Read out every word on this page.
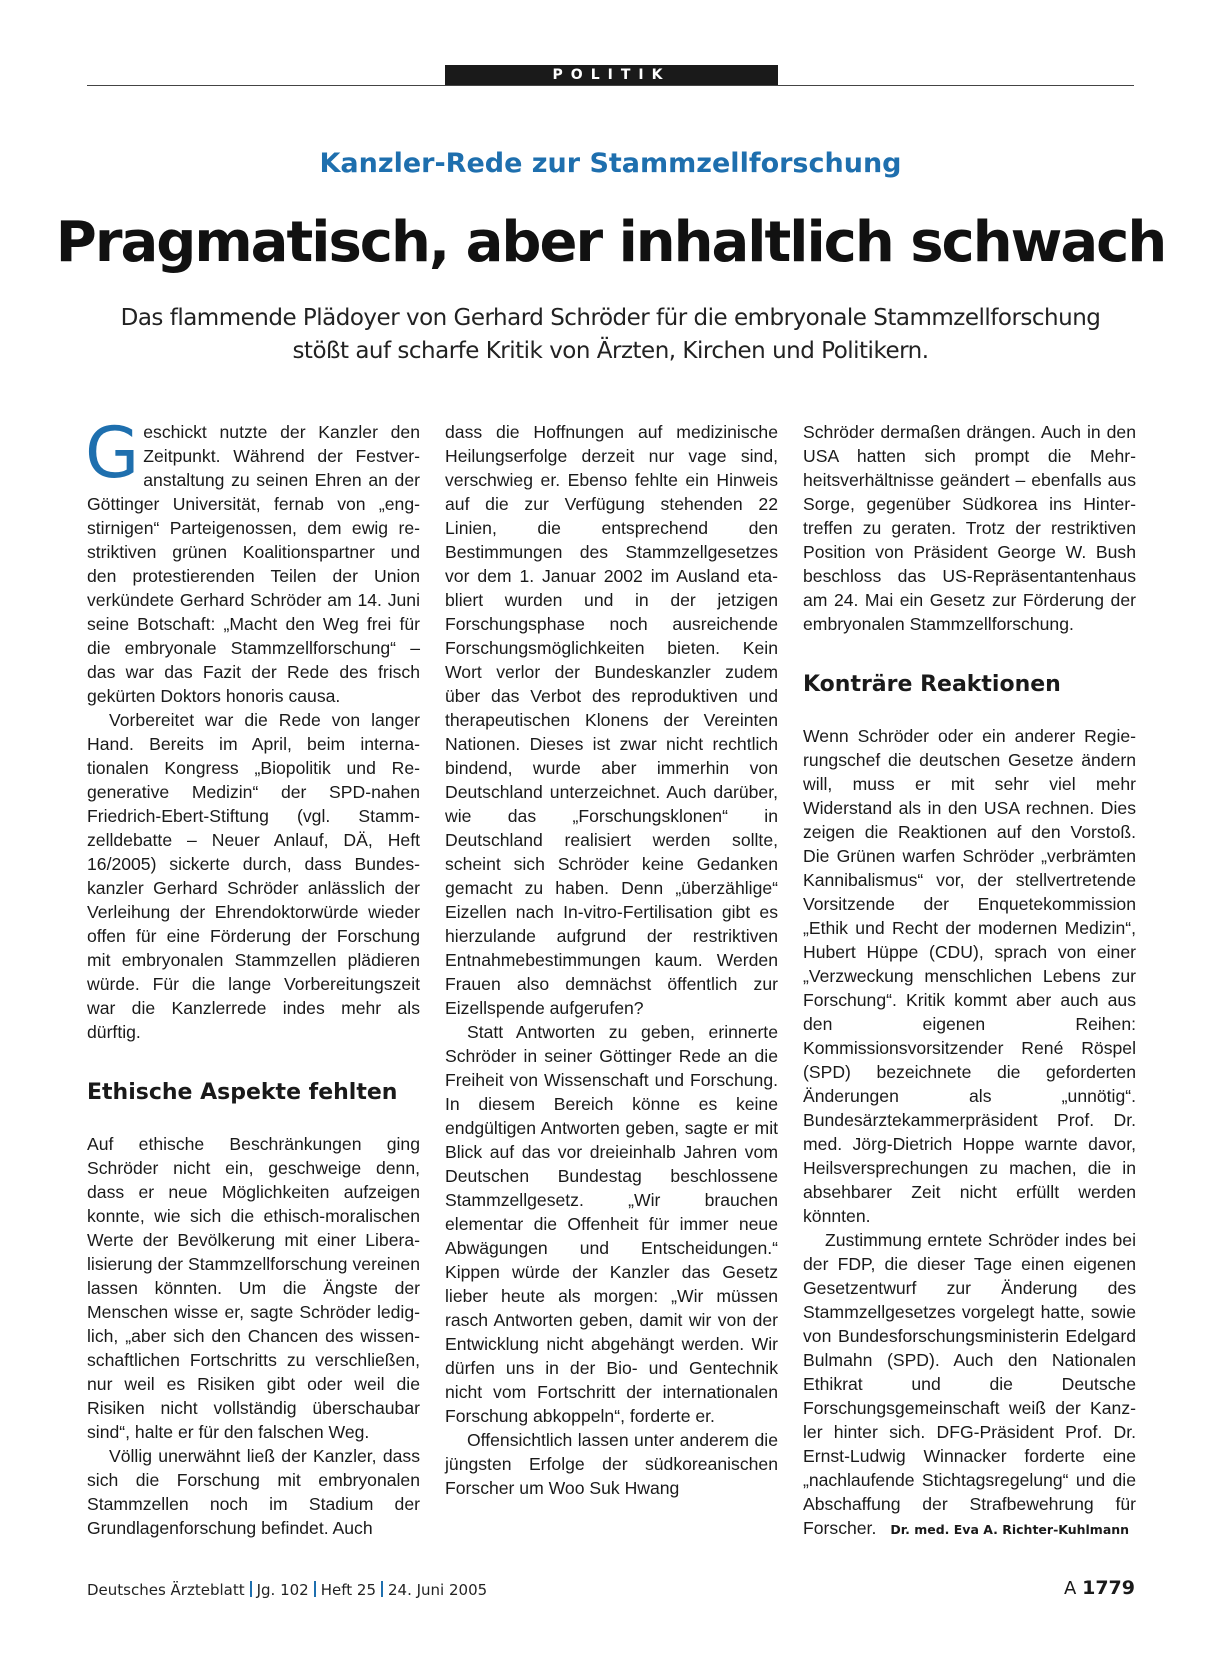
POLITIK
Kanzler-Rede zur Stammzellforschung
Pragmatisch, aber inhaltlich schwach
Das flammende Plädoyer von Gerhard Schröder für die embryonale Stammzellforschung stößt auf scharfe Kritik von Ärzten, Kirchen und Politikern.

Geschickt nutzte der Kanzler den Zeitpunkt. Während der Festveranstaltung zu seinen Ehren an der Göttinger Universität, fernab von „engstirnigen“ Parteigenossen, dem ewig restriktiven grünen Koalitionspartner und den protestierenden Teilen der Union verkündete Gerhard Schröder am 14. Juni seine Botschaft: „Macht den Weg frei für die embryonale Stammzellforschung“ – das war das Fazit der Rede des frisch gekürten Doktors honoris causa.

Vorbereitet war die Rede von langer Hand. Bereits im April, beim internationalen Kongress „Biopolitik und Regenerative Medizin“ der SPD-nahen Friedrich-Ebert-Stiftung (vgl. Stammzelldebatte – Neuer Anlauf, DÄ, Heft 16/2005) sickerte durch, dass Bundeskanzler Gerhard Schröder anlässlich der Verleihung der Ehrendoktorwürde wieder offen für eine Förderung der Forschung mit embryonalen Stammzellen plädieren würde. Für die lange Vorbereitungszeit war die Kanzlerrede indes mehr als dürftig.

Ethische Aspekte fehlten

Auf ethische Beschränkungen ging Schröder nicht ein, geschweige denn, dass er neue Möglichkeiten aufzeigen konnte, wie sich die ethisch-moralischen Werte der Bevölkerung mit einer Liberalisierung der Stammzellforschung vereinen lassen könnten. Um die Ängste der Menschen wisse er, sagte Schröder lediglich, „aber sich den Chancen des wissenschaftlichen Fortschritts zu verschließen, nur weil es Risiken gibt oder weil die Risiken nicht vollständig überschaubar sind“, halte er für den falschen Weg.

Völlig unerwähnt ließ der Kanzler, dass sich die Forschung mit embryonalen Stammzellen noch im Stadium der Grundlagenforschung befindet. Auch

dass die Hoffnungen auf medizinische Heilungserfolge derzeit nur vage sind, verschwieg er. Ebenso fehlte ein Hinweis auf die zur Verfügung stehenden 22 Linien, die entsprechend den Bestimmungen des Stammzellgesetzes vor dem 1. Januar 2002 im Ausland etabliert wurden und in der jetzigen Forschungsphase noch ausreichende Forschungsmöglichkeiten bieten. Kein Wort verlor der Bundeskanzler zudem über das Verbot des reproduktiven und therapeutischen Klonens der Vereinten Nationen. Dieses ist zwar nicht rechtlich bindend, wurde aber immerhin von Deutschland unterzeichnet. Auch darüber, wie das „Forschungsklonen“ in Deutschland realisiert werden sollte, scheint sich Schröder keine Gedanken gemacht zu haben. Denn „überzählige“ Eizellen nach In-vitro-Fertilisation gibt es hierzulande aufgrund der restriktiven Entnahmebestimmungen kaum. Werden Frauen also demnächst öffentlich zur Eizellspende aufgerufen?

Statt Antworten zu geben, erinnerte Schröder in seiner Göttinger Rede an die Freiheit von Wissenschaft und Forschung. In diesem Bereich könne es keine endgültigen Antworten geben, sagte er mit Blick auf das vor dreieinhalb Jahren vom Deutschen Bundestag beschlossene Stammzellgesetz. „Wir brauchen elementar die Offenheit für immer neue Abwägungen und Entscheidungen.“ Kippen würde der Kanzler das Gesetz lieber heute als morgen: „Wir müssen rasch Antworten geben, damit wir von der Entwicklung nicht abgehängt werden. Wir dürfen uns in der Bio- und Gentechnik nicht vom Fortschritt der internationalen Forschung abkoppeln“, forderte er.

Offensichtlich lassen unter anderem die jüngsten Erfolge der südkoreanischen Forscher um Woo Suk Hwang

Schröder dermaßen drängen. Auch in den USA hatten sich prompt die Mehrheitsverhältnisse geändert – ebenfalls aus Sorge, gegenüber Südkorea ins Hintertreffen zu geraten. Trotz der restriktiven Position von Präsident George W. Bush beschloss das US-Repräsentantenhaus am 24. Mai ein Gesetz zur Förderung der embryonalen Stammzellforschung.

Konträre Reaktionen

Wenn Schröder oder ein anderer Regierungschef die deutschen Gesetze ändern will, muss er mit sehr viel mehr Widerstand als in den USA rechnen. Dies zeigen die Reaktionen auf den Vorstoß. Die Grünen warfen Schröder „verbrämten Kannibalismus“ vor, der stellvertretende Vorsitzende der Enquetekommission „Ethik und Recht der modernen Medizin“, Hubert Hüppe (CDU), sprach von einer „Verzweckung menschlichen Lebens zur Forschung“. Kritik kommt aber auch aus den eigenen Reihen: Kommissionsvorsitzender René Röspel (SPD) bezeichnete die geforderten Änderungen als „unnötig“. Bundesärztekammerpräsident Prof. Dr. med. Jörg-Dietrich Hoppe warnte davor, Heilsversprechungen zu machen, die in absehbarer Zeit nicht erfüllt werden könnten.

Zustimmung erntete Schröder indes bei der FDP, die dieser Tage einen eigenen Gesetzentwurf zur Änderung des Stammzellgesetzes vorgelegt hatte, sowie von Bundesforschungsministerin Edelgard Bulmahn (SPD). Auch den Nationalen Ethikrat und die Deutsche Forschungsgemeinschaft weiß der Kanzler hinter sich. DFG-Präsident Prof. Dr. Ernst-Ludwig Winnacker forderte eine „nachlaufende Stichtagsregelung“ und die Abschaffung der Strafbewehrung für Forscher. Dr. med. Eva A. Richter-Kuhlmann

Deutsches Ärzteblatt Jg. 102 Heft 25 24. Juni 2005	A 1779
